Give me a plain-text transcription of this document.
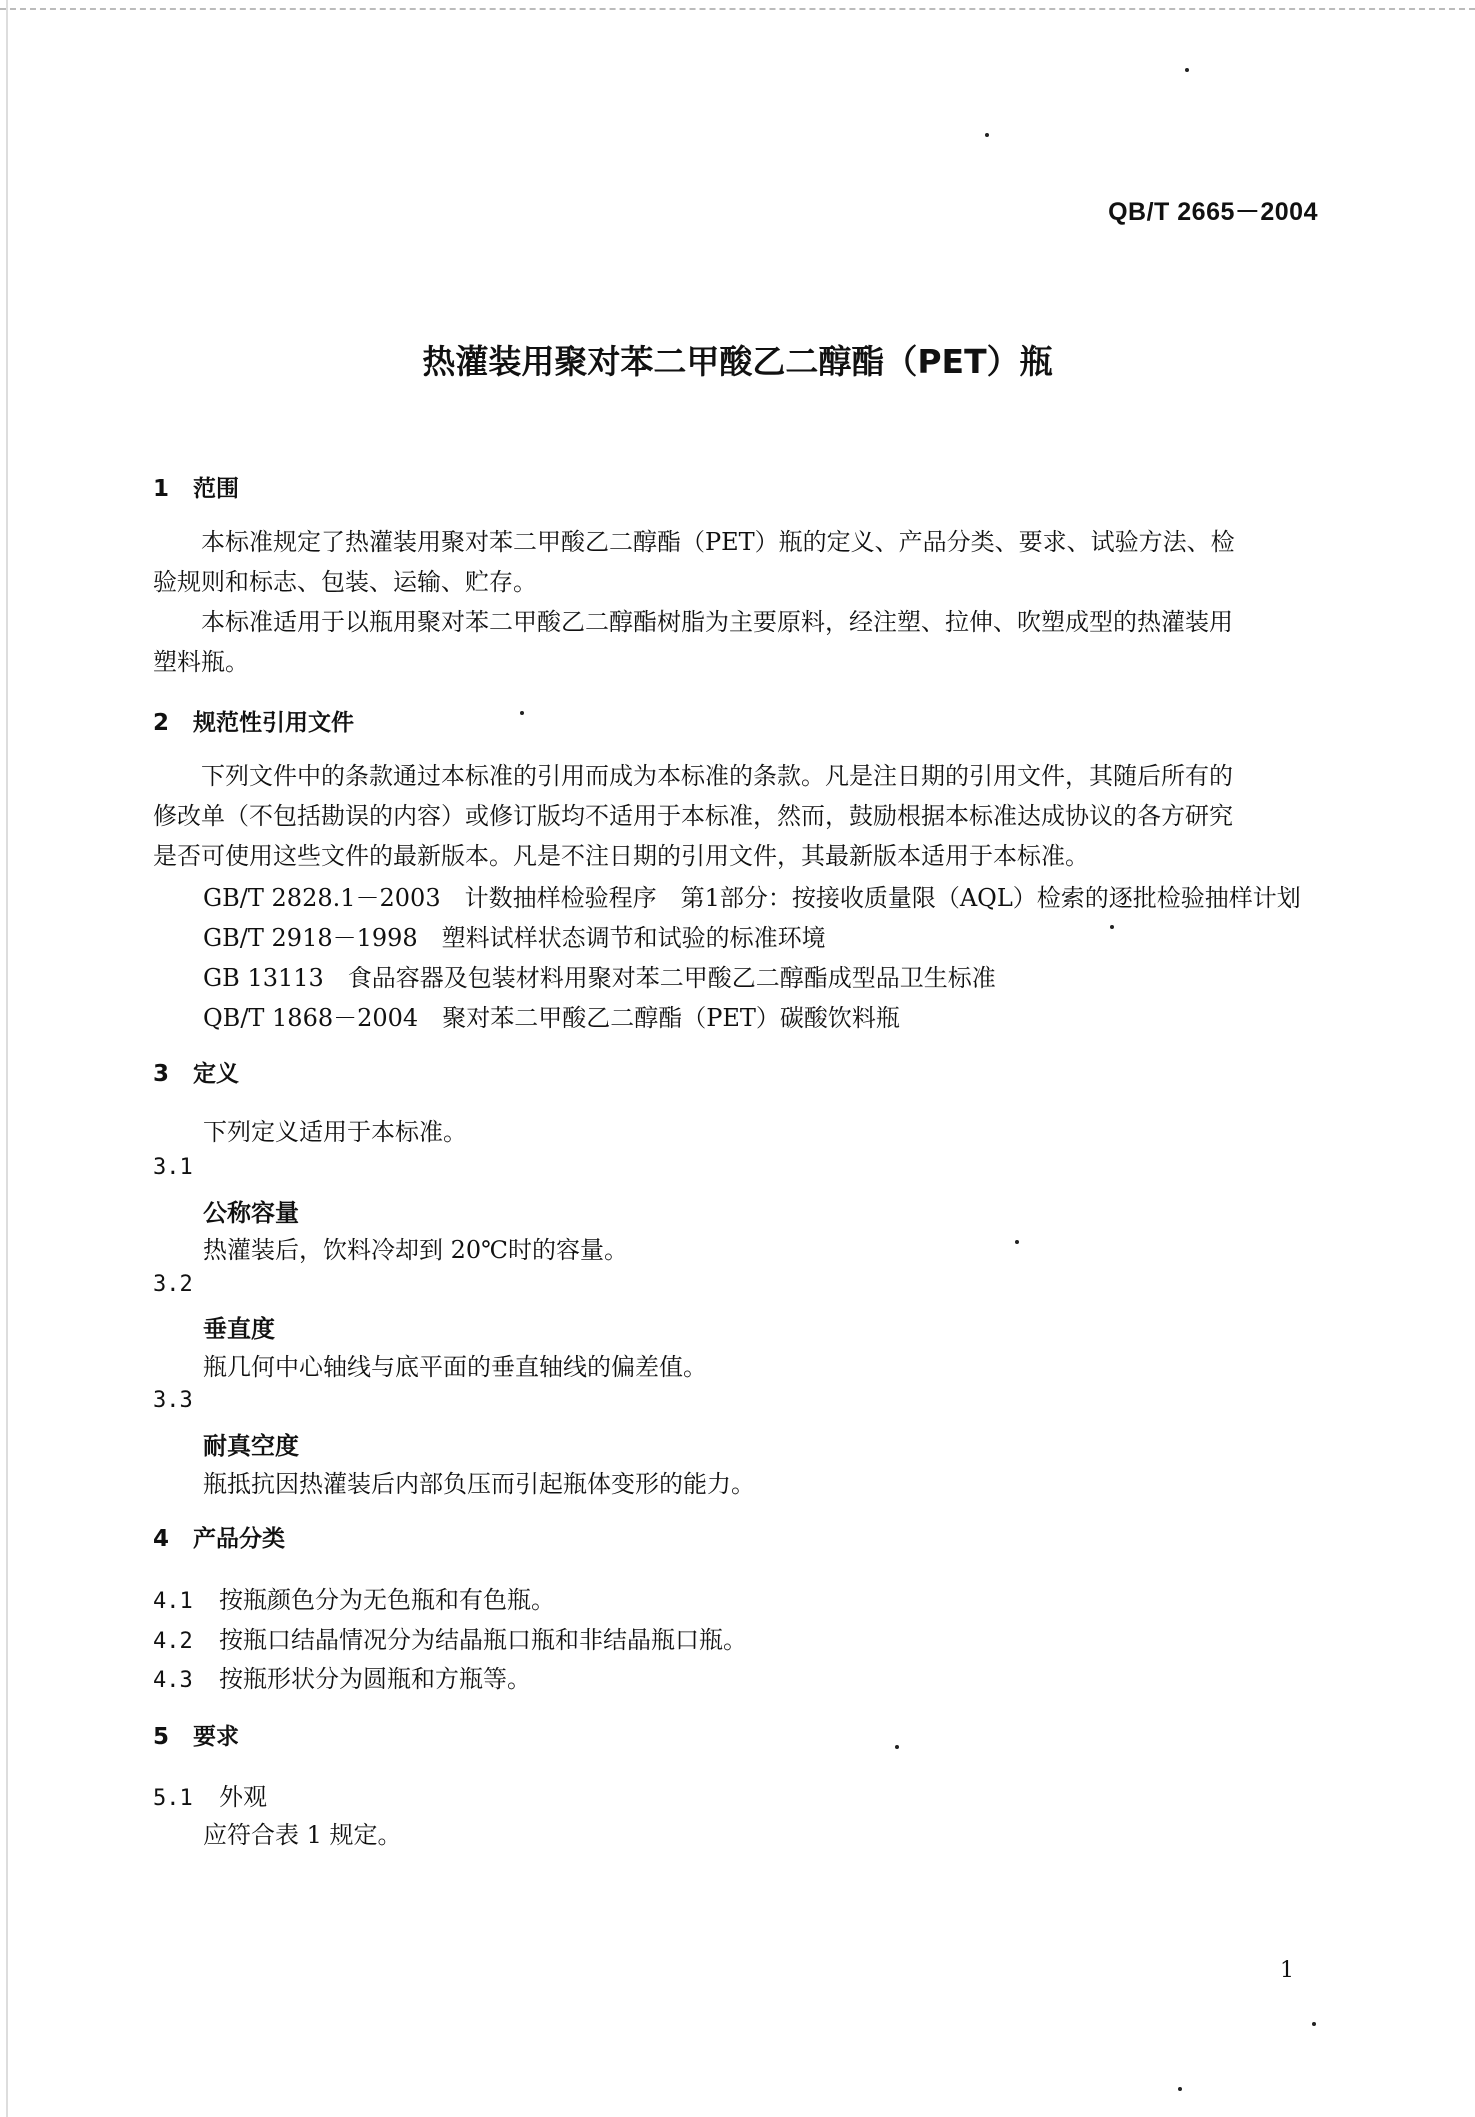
QB/T 2665－2004
热灌装用聚对苯二甲酸乙二醇酯（PET）瓶
1 范围
本标准规定了热灌装用聚对苯二甲酸乙二醇酯（PET）瓶的定义、产品分类、要求、试验方法、检
验规则和标志、包装、运输、贮存。
本标准适用于以瓶用聚对苯二甲酸乙二醇酯树脂为主要原料，经注塑、拉伸、吹塑成型的热灌装用
塑料瓶。
2 规范性引用文件
下列文件中的条款通过本标准的引用而成为本标准的条款。凡是注日期的引用文件，其随后所有的
修改单（不包括勘误的内容）或修订版均不适用于本标准，然而，鼓励根据本标准达成协议的各方研究
是否可使用这些文件的最新版本。凡是不注日期的引用文件，其最新版本适用于本标准。
GB/T 2828.1－2003　计数抽样检验程序　第1部分：按接收质量限（AQL）检索的逐批检验抽样计划
GB/T 2918－1998　塑料试样状态调节和试验的标准环境
GB 13113　食品容器及包装材料用聚对苯二甲酸乙二醇酯成型品卫生标准
QB/T 1868－2004　聚对苯二甲酸乙二醇酯（PET）碳酸饮料瓶
3 定义
下列定义适用于本标准。
3.1
公称容量
热灌装后，饮料冷却到 20℃时的容量。
3.2
垂直度
瓶几何中心轴线与底平面的垂直轴线的偏差值。
3.3
耐真空度
瓶抵抗因热灌装后内部负压而引起瓶体变形的能力。
4 产品分类
4.1 按瓶颜色分为无色瓶和有色瓶。
4.2 按瓶口结晶情况分为结晶瓶口瓶和非结晶瓶口瓶。
4.3 按瓶形状分为圆瓶和方瓶等。
5 要求
5.1 外观
应符合表 1 规定。
1
